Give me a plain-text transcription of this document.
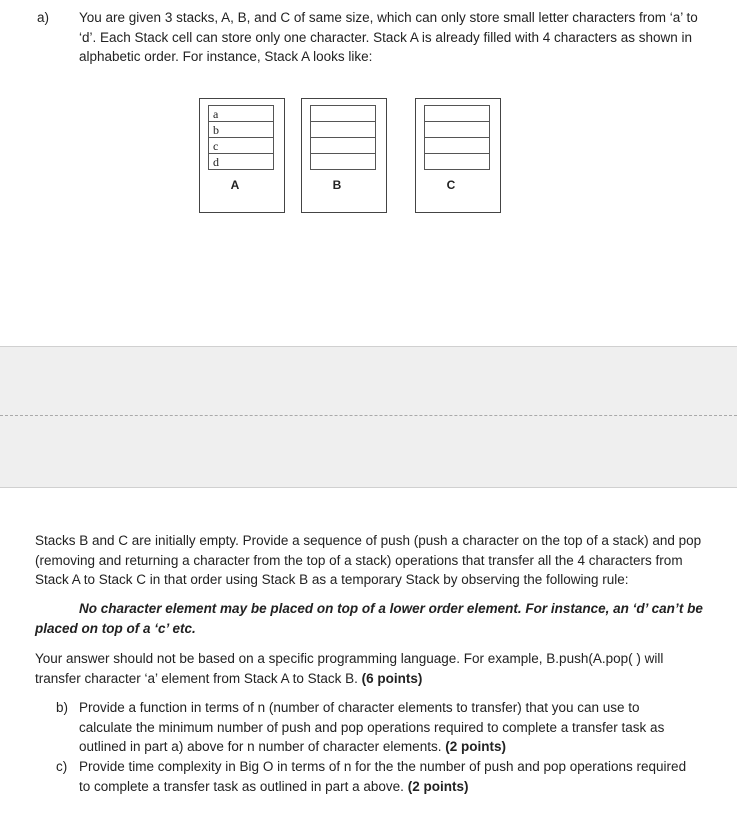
a) You are given 3 stacks, A, B, and C of same size, which can only store small letter characters from ‘a’ to
‘d’. Each Stack cell can store only one character. Stack A is already filled with 4 characters as shown in
alphabetic order. For instance, Stack A looks like:
a
b
c
d
A	B	C
Stacks B and C are initially empty. Provide a sequence of push (push a character on the top of a stack) and pop
(removing and returning a character from the top of a stack) operations that transfer all the 4 characters from
Stack A to Stack C in that order using Stack B as a temporary Stack by observing the following rule:
No character element may be placed on top of a lower order element. For instance, an ‘d’ can’t be
placed on top of a ‘c’ etc.
Your answer should not be based on a specific programming language. For example, B.push(A.pop( ) will
transfer character ‘a’ element from Stack A to Stack B. (6 points)
b) Provide a function in terms of n (number of character elements to transfer) that you can use to
calculate the minimum number of push and pop operations required to complete a transfer task as
outlined in part a) above for n number of character elements. (2 points)
c) Provide time complexity in Big O in terms of n for the the number of push and pop operations required
to complete a transfer task as outlined in part a above. (2 points)
